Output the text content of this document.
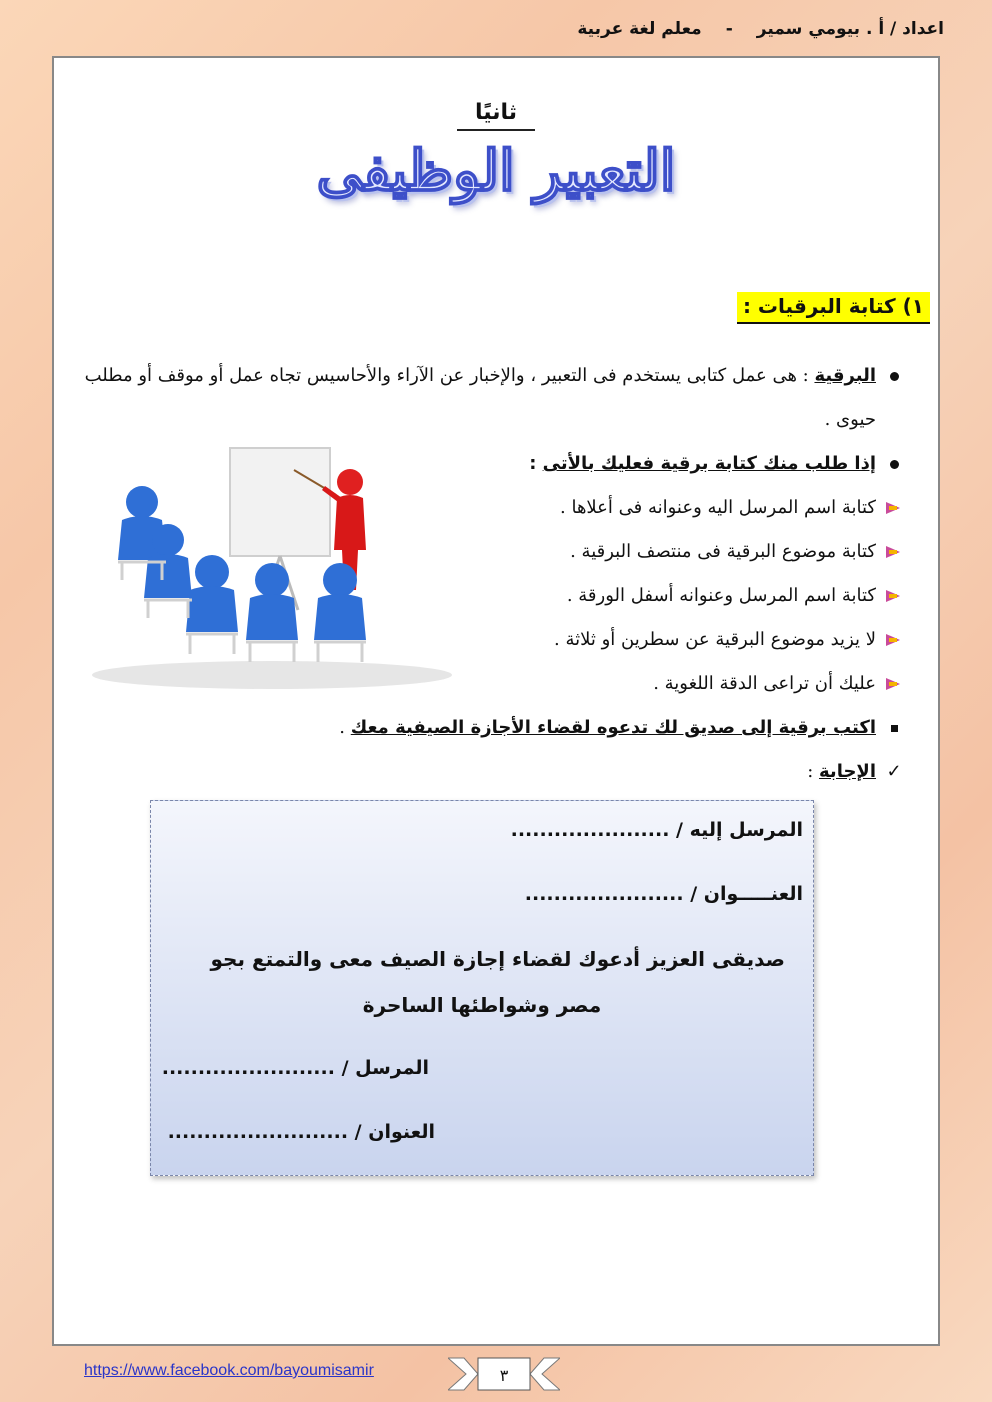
معلم لغة عربية - اعداد / أ . بيومي سمير
ثانيًا
التعبير الوظيفى
١) كتابة البرقيات :
البرقية : هى عمل كتابى يستخدم فى التعبير ، والإخبار عن الآراء والأحاسيس تجاه عمل أو موقف أو مطلب حيوى .
إذا طلب منك كتابة برقية فعليك بالأتى :
كتابة اسم المرسل اليه وعنوانه فى أعلاها .
كتابة موضوع البرقية فى منتصف البرقية .
كتابة اسم المرسل وعنوانه أسفل الورقة .
لا يزيد موضوع البرقية عن سطرين أو ثلاثة .
عليك أن تراعى الدقة اللغوية .
اكتب برقية إلى صديق لك تدعوه لقضاء الأجازة الصيفية معك .
✓
الإجابة :
المرسل إليه / ......................
العنـــــوان / ......................
صديقى العزيز أدعوك لقضاء إجازة الصيف معى والتمتع بجو
مصر وشواطئها الساحرة
المرسل / ........................
العنوان / .........................
https://www.facebook.com/bayoumisamir	٣
